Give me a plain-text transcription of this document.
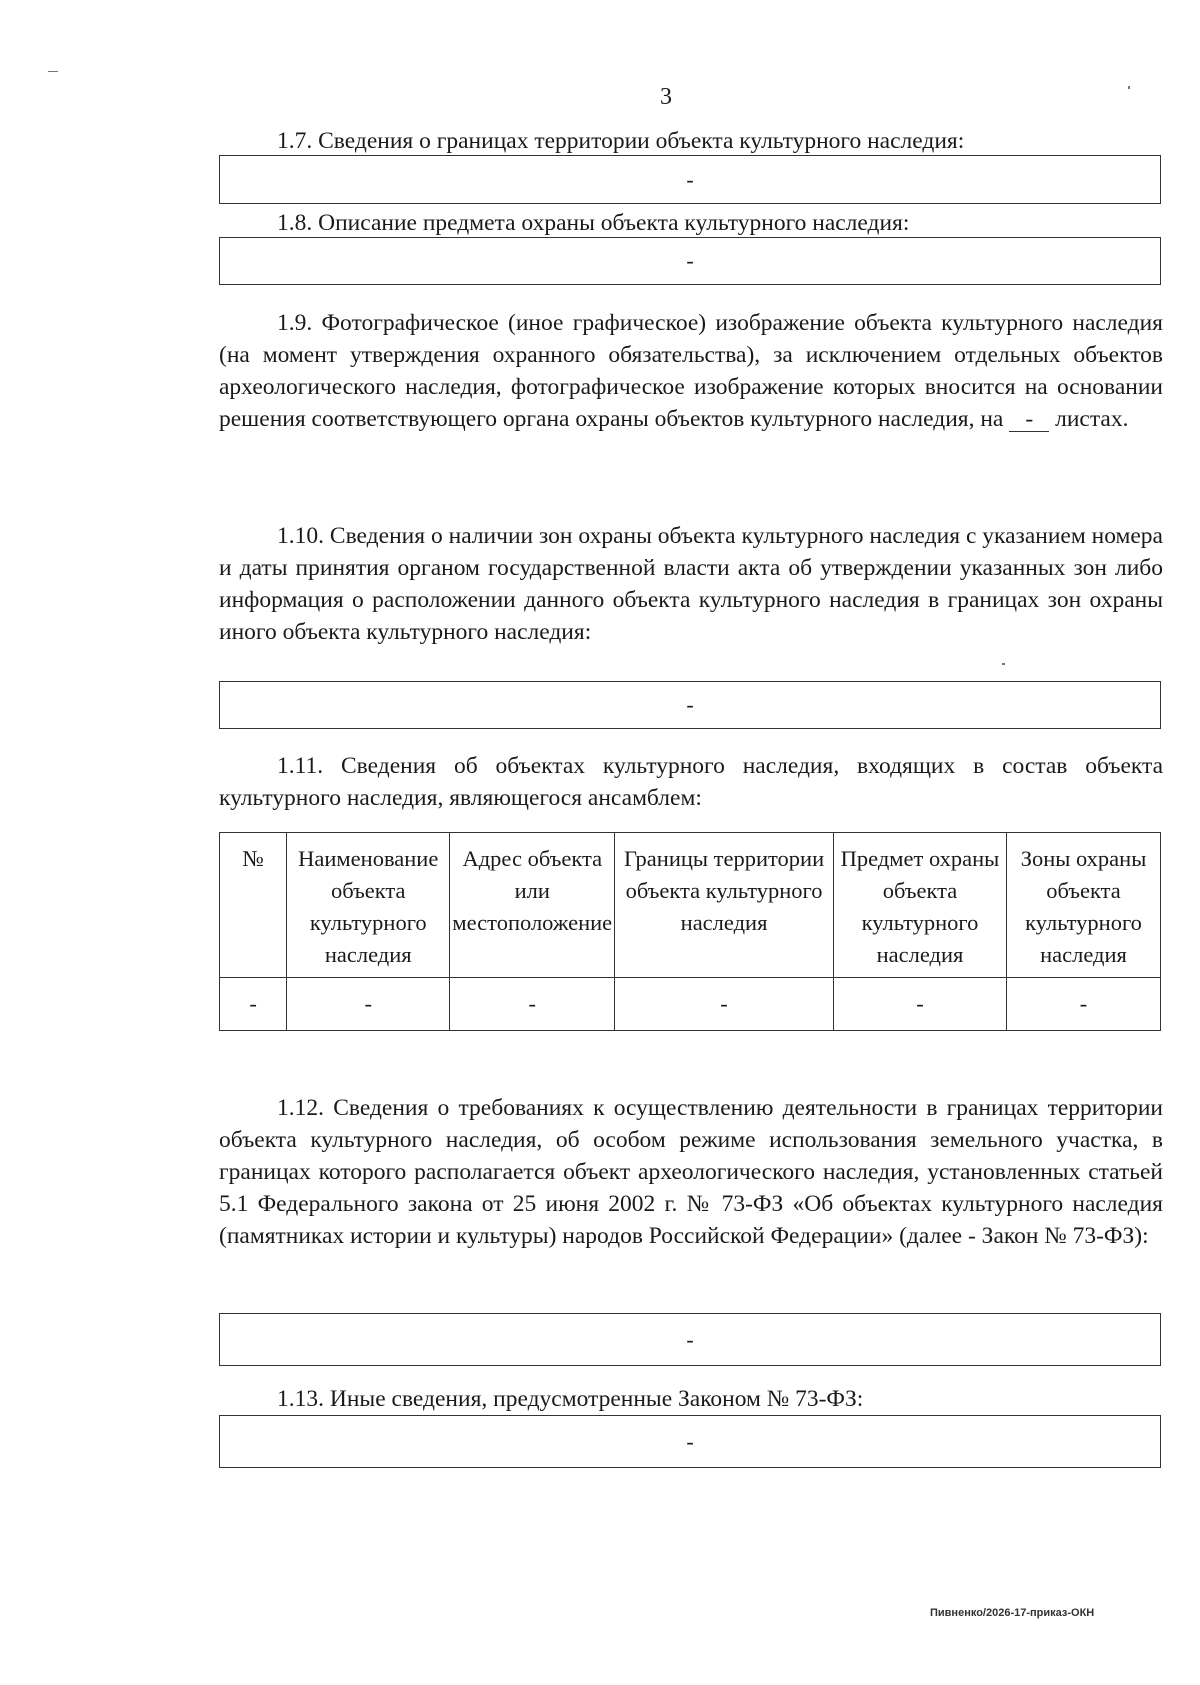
3
1.7. Сведения о границах территории объекта культурного наследия:
-
1.8. Описание предмета охраны объекта культурного наследия:
-
1.9. Фотографическое (иное графическое) изображение объекта культурного наследия (на момент утверждения охранного обязательства), за исключением отдельных объектов археологического наследия, фотографическое изображение которых вносится на основании решения соответствующего органа охраны объектов культурного наследия, на - листах.
1.10. Сведения о наличии зон охраны объекта культурного наследия с указанием номера и даты принятия органом государственной власти акта об утверждении указанных зон либо информация о расположении данного объекта культурного наследия в границах зон охраны иного объекта культурного наследия:
-
1.11. Сведения об объектах культурного наследия, входящих в состав объекта культурного наследия, являющегося ансамблем:
№	Наименование объекта культурного наследия	Адрес объекта или местоположение	Границы территории объекта культурного наследия	Предмет охраны объекта культурного наследия	Зоны охраны объекта культурного наследия
-	-	-	-	-	-
1.12. Сведения о требованиях к осуществлению деятельности в границах территории объекта культурного наследия, об особом режиме использования земельного участка, в границах которого располагается объект археологического наследия, установленных статьей 5.1 Федерального закона от 25 июня 2002 г. № 73-ФЗ «Об объектах культурного наследия (памятниках истории и культуры) народов Российской Федерации» (далее - Закон № 73-ФЗ):
-
1.13. Иные сведения, предусмотренные Законом № 73-ФЗ:
-
Пивненко/2026-17-приказ-ОКН
